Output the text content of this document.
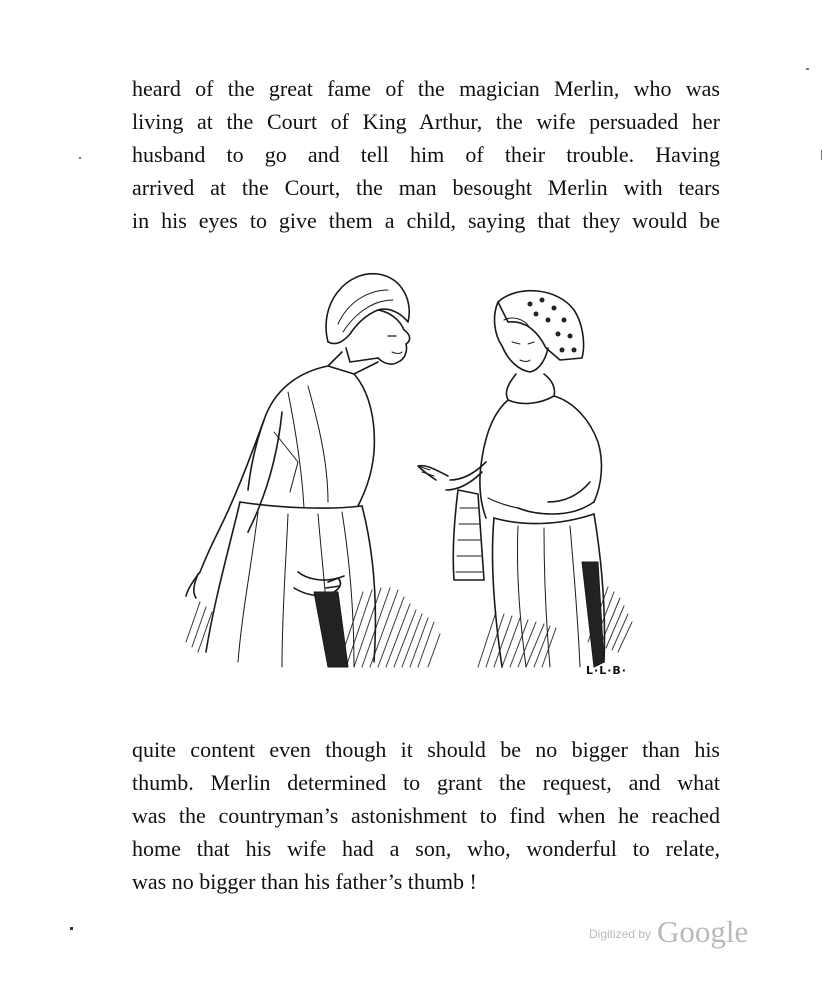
heard of the great fame of the magician Merlin, who was
living at the Court of King Arthur, the wife persuaded her
husband to go and tell him of their trouble. Having
arrived at the Court, the man besought Merlin with tears
in his eyes to give them a child, saying that they would be
L·L·B·
quite content even though it should be no bigger than his
thumb. Merlin determined to grant the request, and what
was the countryman’s astonishment to find when he reached
home that his wife had a son, who, wonderful to relate,
was no bigger than his father’s thumb !
$^{Digitized by}$ Google
